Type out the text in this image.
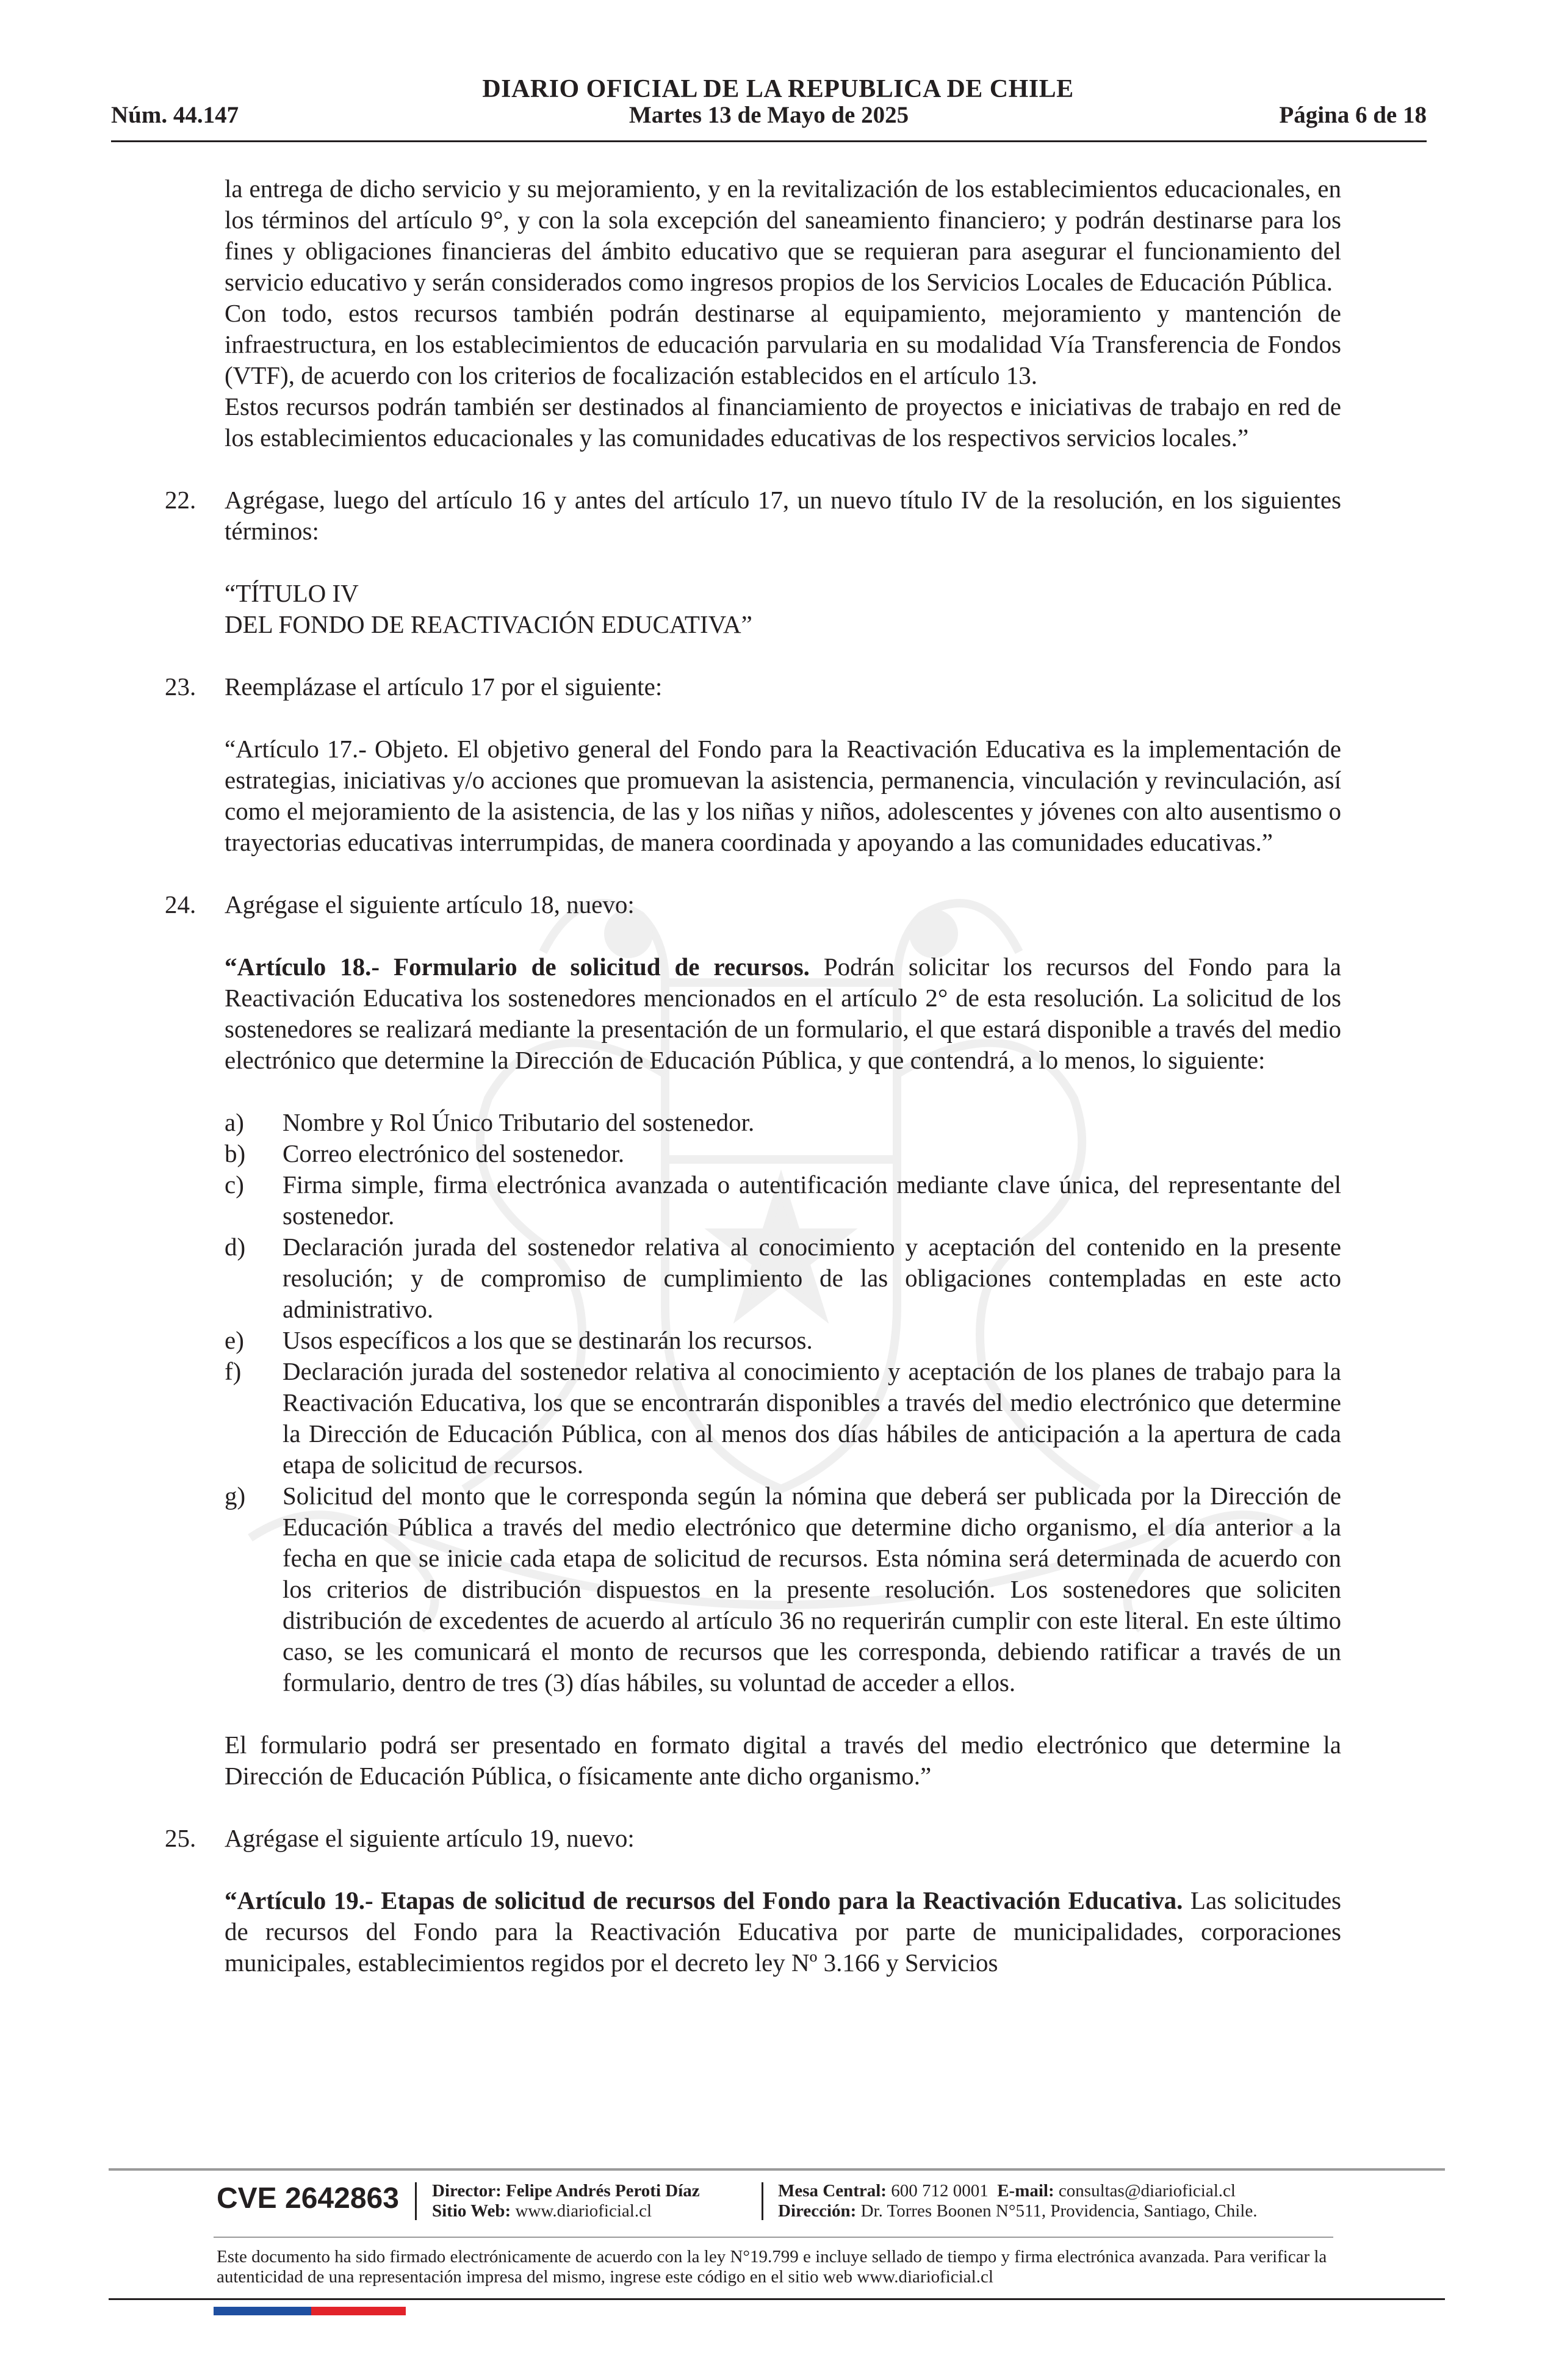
DIARIO OFICIAL DE LA REPUBLICA DE CHILE
Núm. 44.147	Martes 13 de Mayo de 2025	Página 6 de 18

la entrega de dicho servicio y su mejoramiento, y en la revitalización de los establecimientos educacionales, en los términos del artículo 9°, y con la sola excepción del saneamiento financiero; y podrán destinarse para los fines y obligaciones financieras del ámbito educativo que se requieran para asegurar el funcionamiento del servicio educativo y serán considerados como ingresos propios de los Servicios Locales de Educación Pública.

Con todo, estos recursos también podrán destinarse al equipamiento, mejoramiento y mantención de infraestructura, en los establecimientos de educación parvularia en su modalidad Vía Transferencia de Fondos (VTF), de acuerdo con los criterios de focalización establecidos en el artículo 13.

Estos recursos podrán también ser destinados al financiamiento de proyectos e iniciativas de trabajo en red de los establecimientos educacionales y las comunidades educativas de los respectivos servicios locales.”

22. Agrégase, luego del artículo 16 y antes del artículo 17, un nuevo título IV de la resolución, en los siguientes términos:

“TÍTULO IV

DEL FONDO DE REACTIVACIÓN EDUCATIVA”

23. Reemplázase el artículo 17 por el siguiente:

“Artículo 17.- Objeto. El objetivo general del Fondo para la Reactivación Educativa es la implementación de estrategias, iniciativas y/o acciones que promuevan la asistencia, permanencia, vinculación y revinculación, así como el mejoramiento de la asistencia, de las y los niñas y niños, adolescentes y jóvenes con alto ausentismo o trayectorias educativas interrumpidas, de manera coordinada y apoyando a las comunidades educativas.”

24. Agrégase el siguiente artículo 18, nuevo:

“Artículo 18.- Formulario de solicitud de recursos. Podrán solicitar los recursos del Fondo para la Reactivación Educativa los sostenedores mencionados en el artículo 2° de esta resolución. La solicitud de los sostenedores se realizará mediante la presentación de un formulario, el que estará disponible a través del medio electrónico que determine la Dirección de Educación Pública, y que contendrá, a lo menos, lo siguiente:

a) Nombre y Rol Único Tributario del sostenedor.

b) Correo electrónico del sostenedor.

c) Firma simple, firma electrónica avanzada o autentificación mediante clave única, del representante del sostenedor.

d) Declaración jurada del sostenedor relativa al conocimiento y aceptación del contenido en la presente resolución; y de compromiso de cumplimiento de las obligaciones contempladas en este acto administrativo.

e) Usos específicos a los que se destinarán los recursos.

f) Declaración jurada del sostenedor relativa al conocimiento y aceptación de los planes de trabajo para la Reactivación Educativa, los que se encontrarán disponibles a través del medio electrónico que determine la Dirección de Educación Pública, con al menos dos días hábiles de anticipación a la apertura de cada etapa de solicitud de recursos.

g) Solicitud del monto que le corresponda según la nómina que deberá ser publicada por la Dirección de Educación Pública a través del medio electrónico que determine dicho organismo, el día anterior a la fecha en que se inicie cada etapa de solicitud de recursos. Esta nómina será determinada de acuerdo con los criterios de distribución dispuestos en la presente resolución. Los sostenedores que soliciten distribución de excedentes de acuerdo al artículo 36 no requerirán cumplir con este literal. En este último caso, se les comunicará el monto de recursos que les corresponda, debiendo ratificar a través de un formulario, dentro de tres (3) días hábiles, su voluntad de acceder a ellos.

El formulario podrá ser presentado en formato digital a través del medio electrónico que determine la Dirección de Educación Pública, o físicamente ante dicho organismo.”

25. Agrégase el siguiente artículo 19, nuevo:

“Artículo 19.- Etapas de solicitud de recursos del Fondo para la Reactivación Educativa. Las solicitudes de recursos del Fondo para la Reactivación Educativa por parte de municipalidades, corporaciones municipales, establecimientos regidos por el decreto ley Nº 3.166 y Servicios

CVE 2642863 Director: Felipe Andrés Peroti Díaz
Sitio Web: www.diarioficial.cl
Mesa Central: 600 712 0001 E-mail: consultas@diarioficial.cl
Dirección: Dr. Torres Boonen N°511, Providencia, Santiago, Chile.
Este documento ha sido firmado electrónicamente de acuerdo con la ley N°19.799 e incluye sellado de tiempo y firma electrónica avanzada. Para verificar la autenticidad de una representación impresa del mismo, ingrese este código en el sitio web www.diarioficial.cl
